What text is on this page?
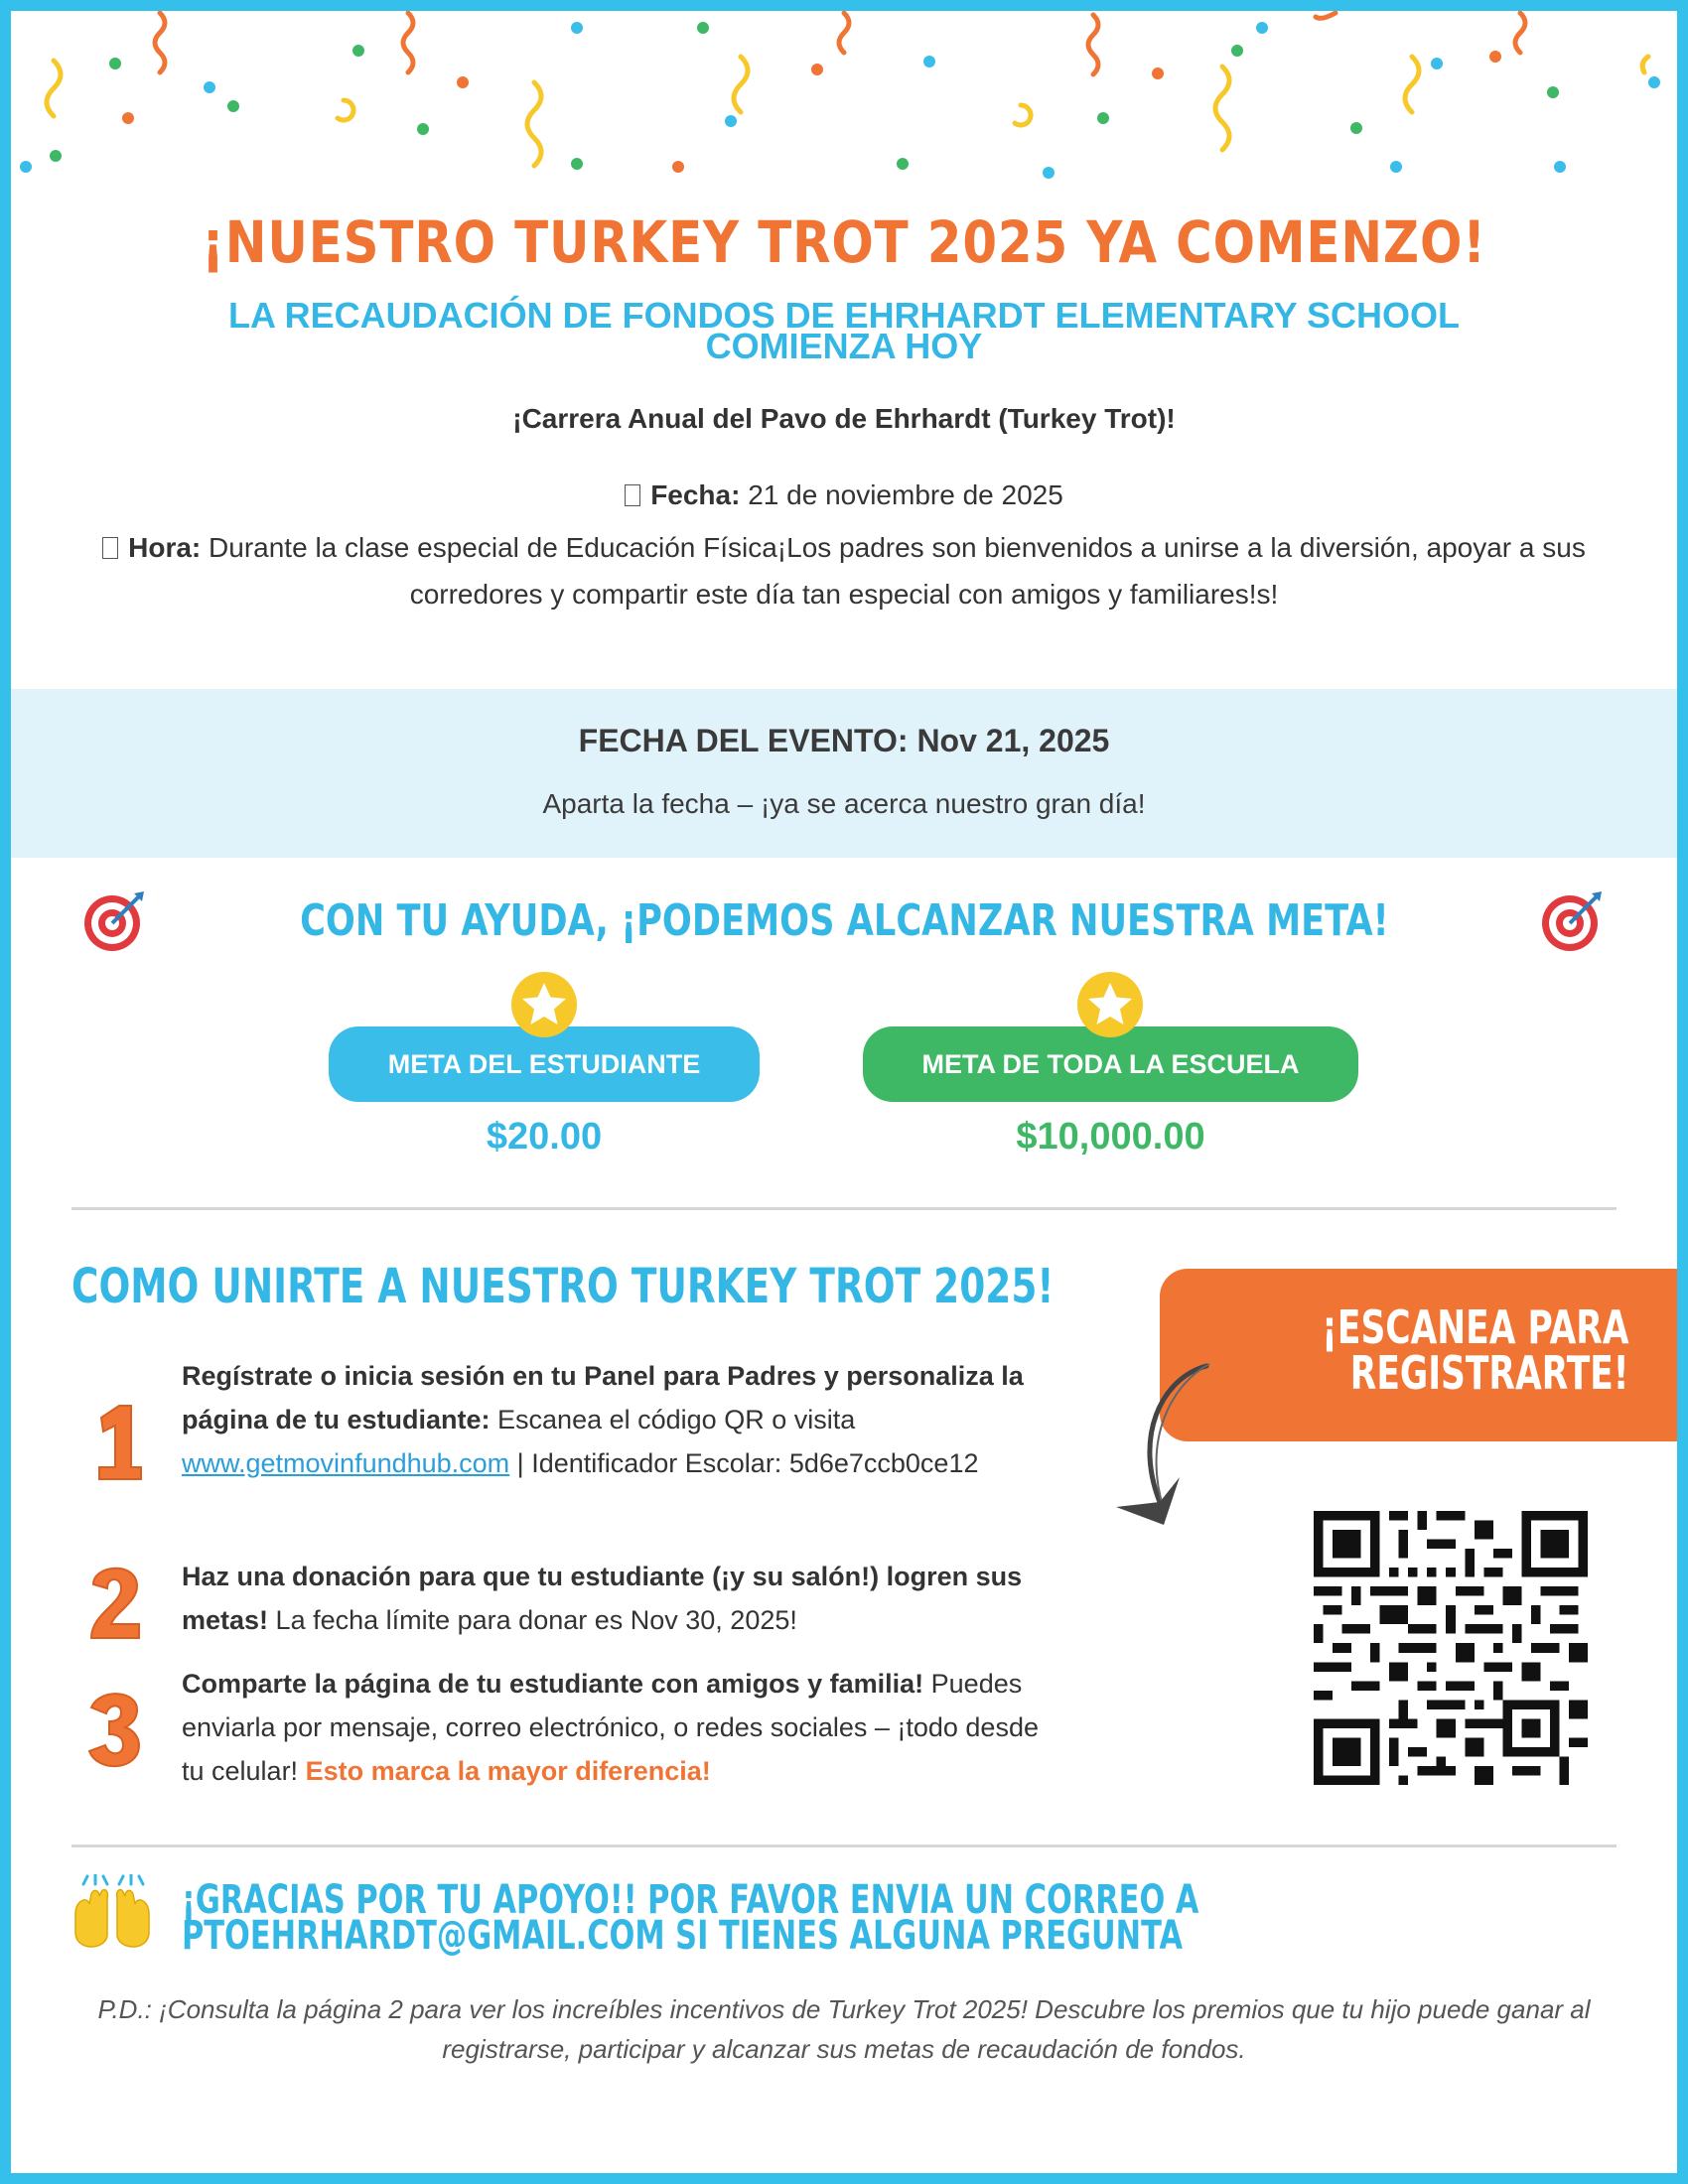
¡NUESTRO TURKEY TROT 2025 YA COMENZO!
LA RECAUDACIÓN DE FONDOS DE EHRHARDT ELEMENTARY SCHOOL COMIENZA HOY
¡Carrera Anual del Pavo de Ehrhardt (Turkey Trot)!
Fecha: 21 de noviembre de 2025
Hora: Durante la clase especial de Educación Física¡Los padres son bienvenidos a unirse a la diversión, apoyar a sus corredores y compartir este día tan especial con amigos y familiares!s!
FECHA DEL EVENTO: Nov 21, 2025
Aparta la fecha – ¡ya se acerca nuestro gran día!
CON TU AYUDA, ¡PODEMOS ALCANZAR NUESTRA META!
META DEL ESTUDIANTE
$20.00
META DE TODA LA ESCUELA
$10,000.00
COMO UNIRTE A NUESTRO TURKEY TROT 2025!
Regístrate o inicia sesión en tu Panel para Padres y personaliza la página de tu estudiante: Escanea el código QR o visita www.getmovinfundhub.com | Identificador Escolar: 5d6e7ccb0ce12
Haz una donación para que tu estudiante (¡y su salón!) logren sus metas! La fecha límite para donar es Nov 30, 2025!
Comparte la página de tu estudiante con amigos y familia! Puedes enviarla por mensaje, correo electrónico, o redes sociales – ¡todo desde tu celular! Esto marca la mayor diferencia!
¡ESCANEA PARA
REGISTRARTE!
¡GRACIAS POR TU APOYO!! POR FAVOR ENVIA UN CORREO A PTOEHRHARDT@GMAIL.COM SI TIENES ALGUNA PREGUNTA
P.D.: ¡Consulta la página 2 para ver los increíbles incentivos de Turkey Trot 2025! Descubre los premios que tu hijo puede ganar al registrarse, participar y alcanzar sus metas de recaudación de fondos.
